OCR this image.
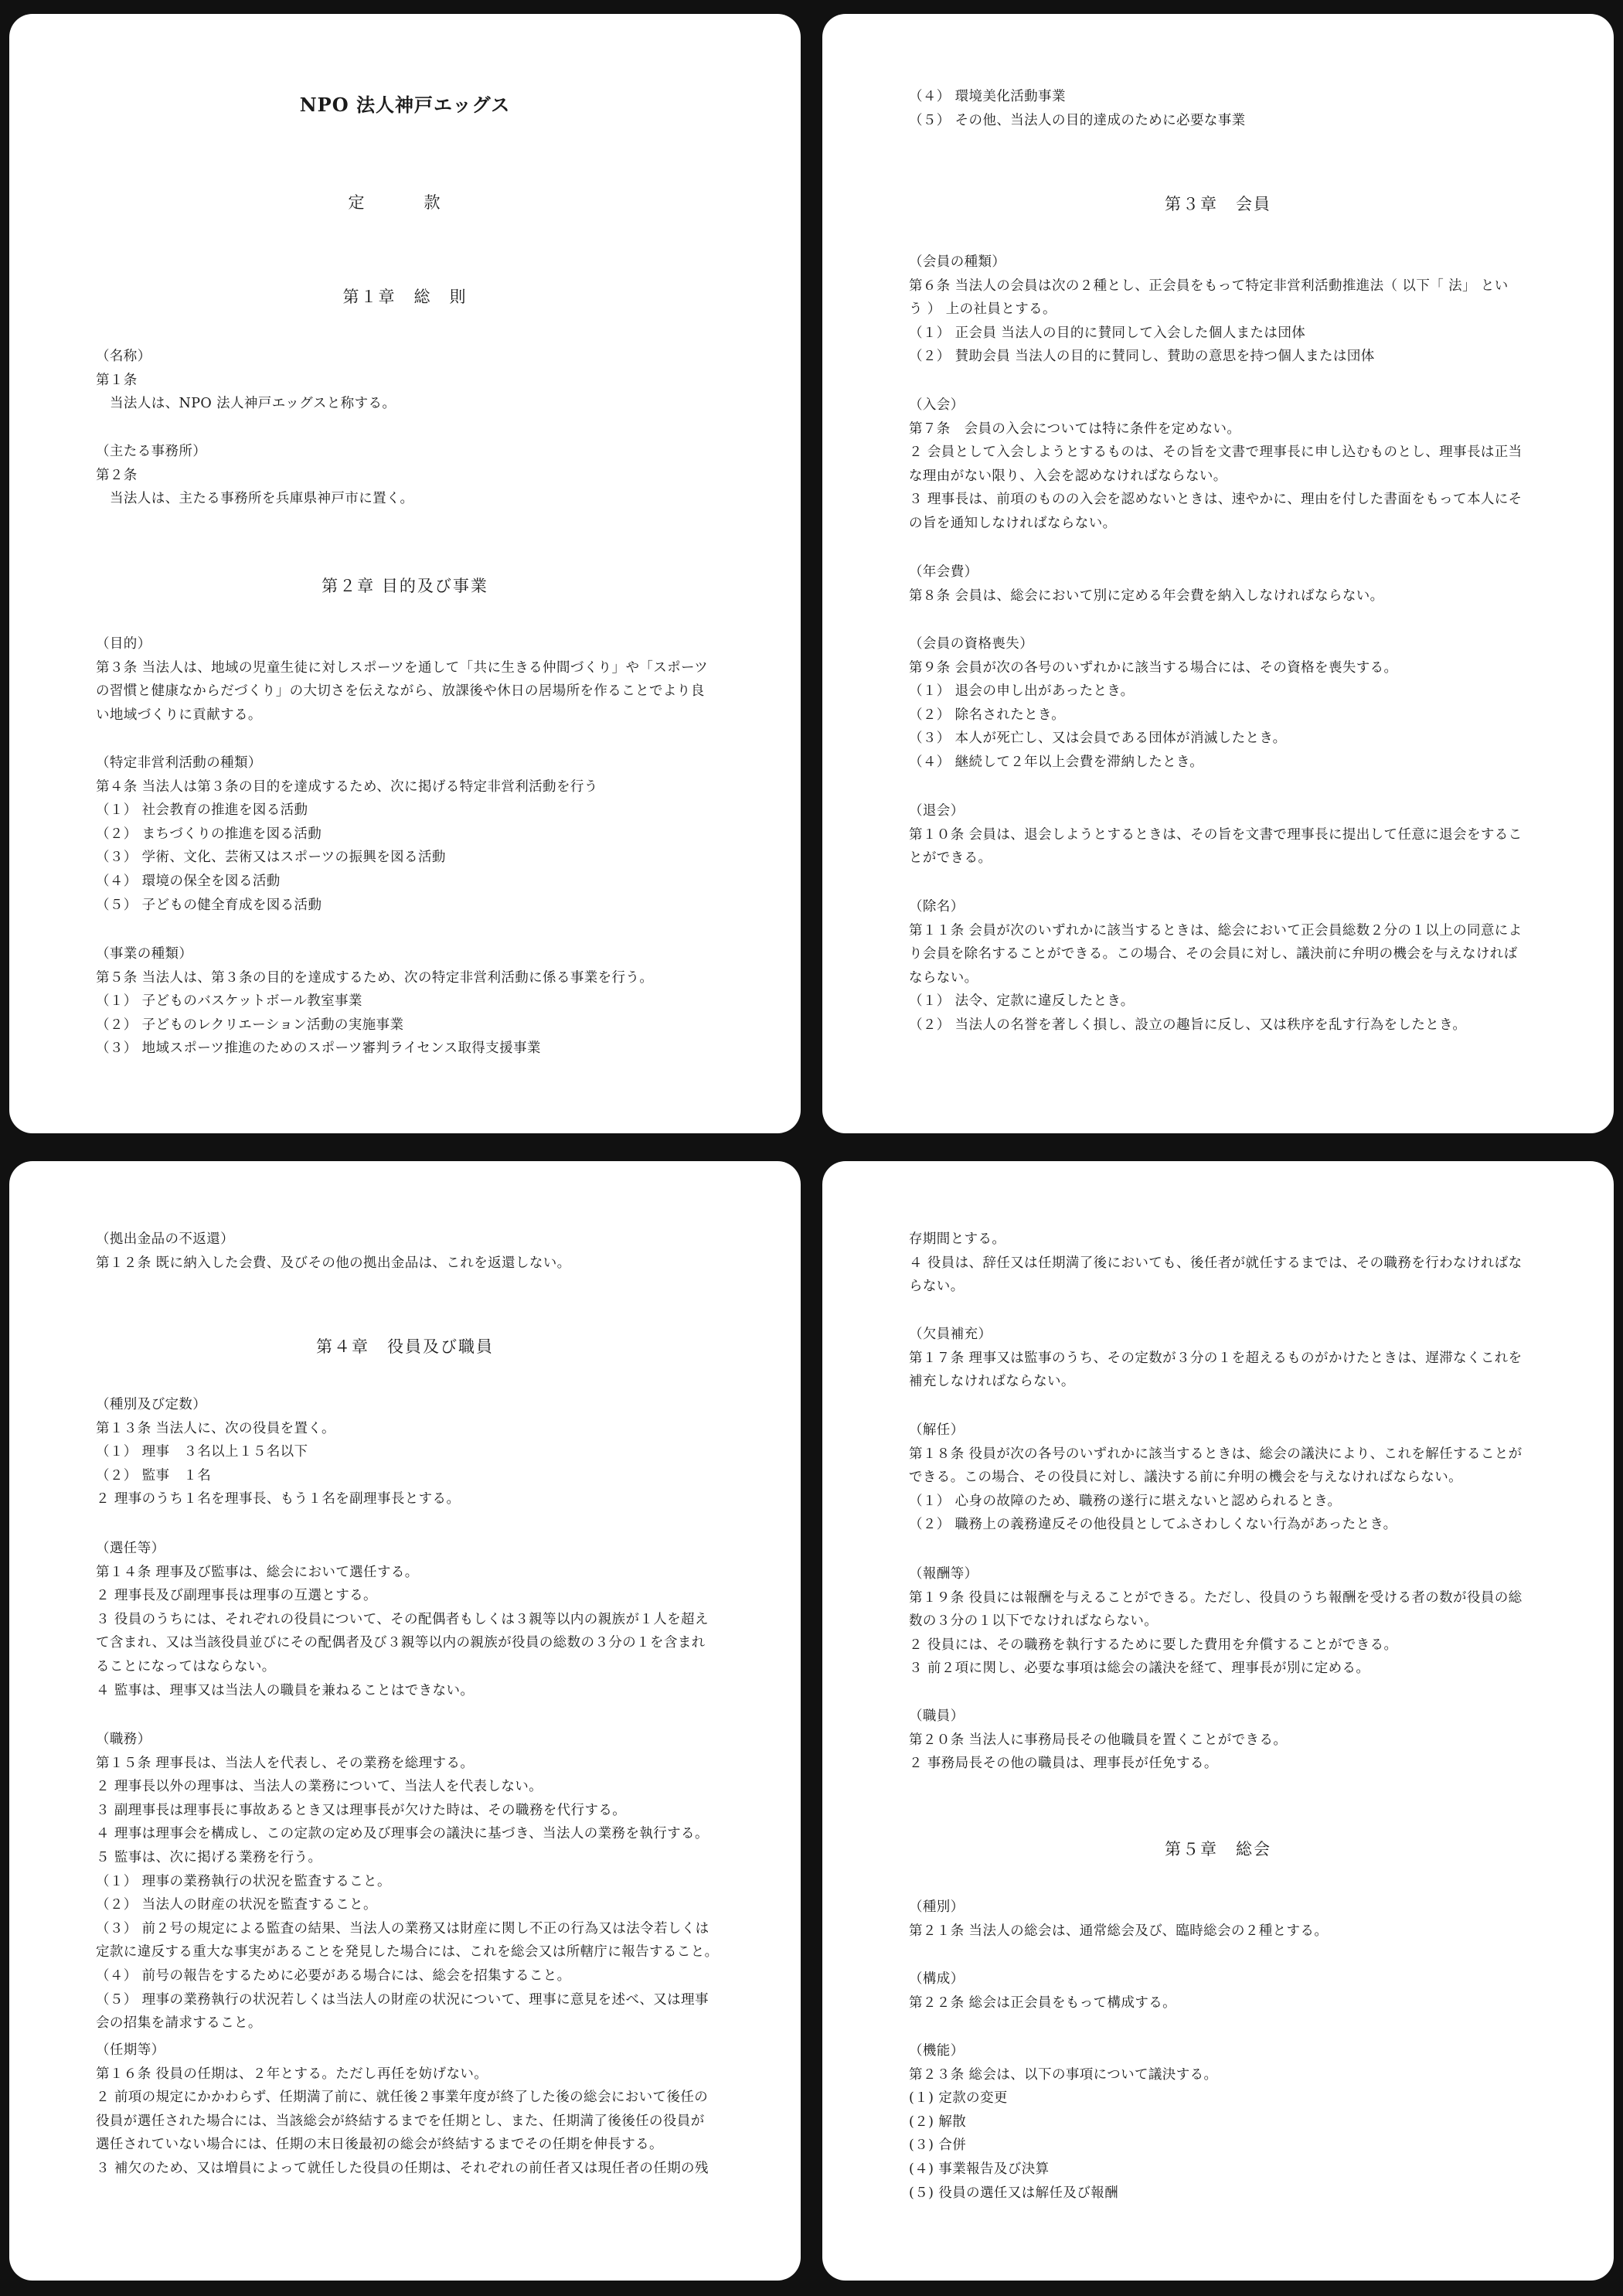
NPO 法人神戸エッグス
定　款
第１章　総　則
（名称）
第１条
当法人は、NPO 法人神戸エッグスと称する。
（主たる事務所）
第２条
当法人は、主たる事務所を兵庫県神戸市に置く。
第２章 目的及び事業
（目的）
第３条 当法人は、地域の児童生徒に対しスポーツを通して「共に生きる仲間づくり」や「スポーツ
の習慣と健康なからだづくり」の大切さを伝えながら、放課後や休日の居場所を作ることでより良
い地域づくりに貢献する。
（特定非営利活動の種類）
第４条 当法人は第３条の目的を達成するため、次に掲げる特定非営利活動を行う
（１） 社会教育の推進を図る活動
（２） まちづくりの推進を図る活動
（３） 学術、文化、芸術又はスポーツの振興を図る活動
（４） 環境の保全を図る活動
（５） 子どもの健全育成を図る活動
（事業の種類）
第５条 当法人は、第３条の目的を達成するため、次の特定非営利活動に係る事業を行う。
（１） 子どものバスケットボール教室事業
（２） 子どものレクリエーション活動の実施事業
（３） 地域スポーツ推進のためのスポーツ審判ライセンス取得支援事業
（４） 環境美化活動事業
（５） その他、当法人の目的達成のために必要な事業
第３章　会員
（会員の種類）
第６条 当法人の会員は次の２種とし、正会員をもって特定非営利活動推進法（ 以下「 法」 とい
う ） 上の社員とする。
（１） 正会員 当法人の目的に賛同して入会した個人または団体
（２） 賛助会員 当法人の目的に賛同し、賛助の意思を持つ個人または団体
（入会）
第７条　会員の入会については特に条件を定めない。
２ 会員として入会しようとするものは、その旨を文書で理事長に申し込むものとし、理事長は正当
な理由がない限り、入会を認めなければならない。
３ 理事長は、前項のものの入会を認めないときは、速やかに、理由を付した書面をもって本人にそ
の旨を通知しなければならない。
（年会費）
第８条 会員は、総会において別に定める年会費を納入しなければならない。
（会員の資格喪失）
第９条 会員が次の各号のいずれかに該当する場合には、その資格を喪失する。
（１） 退会の申し出があったとき。
（２） 除名されたとき。
（３） 本人が死亡し、又は会員である団体が消滅したとき。
（４） 継続して２年以上会費を滞納したとき。
（退会）
第１０条 会員は、退会しようとするときは、その旨を文書で理事長に提出して任意に退会をするこ
とができる。
（除名）
第１１条 会員が次のいずれかに該当するときは、総会において正会員総数２分の１以上の同意によ
り会員を除名することができる。この場合、その会員に対し、議決前に弁明の機会を与えなければ
ならない。
（１） 法令、定款に違反したとき。
（２） 当法人の名誉を著しく損し、設立の趣旨に反し、又は秩序を乱す行為をしたとき。
（拠出金品の不返還）
第１２条 既に納入した会費、及びその他の拠出金品は、これを返還しない。
第４章　役員及び職員
（種別及び定数）
第１３条 当法人に、次の役員を置く。
（１） 理事　３名以上１５名以下
（２） 監事　１名
２ 理事のうち１名を理事長、もう１名を副理事長とする。
（選任等）
第１４条 理事及び監事は、総会において選任する。
２ 理事長及び副理事長は理事の互選とする。
３ 役員のうちには、それぞれの役員について、その配偶者もしくは３親等以内の親族が１人を超え
て含まれ、又は当該役員並びにその配偶者及び３親等以内の親族が役員の総数の３分の１を含まれ
ることになってはならない。
４ 監事は、理事又は当法人の職員を兼ねることはできない。
（職務）
第１５条 理事長は、当法人を代表し、その業務を総理する。
２ 理事長以外の理事は、当法人の業務について、当法人を代表しない。
３ 副理事長は理事長に事故あるとき又は理事長が欠けた時は、その職務を代行する。
４ 理事は理事会を構成し、この定款の定め及び理事会の議決に基づき、当法人の業務を執行する。
５ 監事は、次に掲げる業務を行う。
（１） 理事の業務執行の状況を監査すること。
（２） 当法人の財産の状況を監査すること。
（３） 前２号の規定による監査の結果、当法人の業務又は財産に関し不正の行為又は法令若しくは
定款に違反する重大な事実があることを発見した場合には、これを総会又は所轄庁に報告すること。
（４） 前号の報告をするために必要がある場合には、総会を招集すること。
（５） 理事の業務執行の状況若しくは当法人の財産の状況について、理事に意見を述べ、又は理事
会の招集を請求すること。
（任期等）
第１６条 役員の任期は、２年とする。ただし再任を妨げない。
２ 前項の規定にかかわらず、任期満了前に、就任後２事業年度が終了した後の総会において後任の
役員が選任された場合には、当該総会が終結するまでを任期とし、また、任期満了後後任の役員が
選任されていない場合には、任期の末日後最初の総会が終結するまでその任期を伸長する。
３ 補欠のため、又は増員によって就任した役員の任期は、それぞれの前任者又は現任者の任期の残
存期間とする。
４ 役員は、辞任又は任期満了後においても、後任者が就任するまでは、その職務を行わなければな
らない。
（欠員補充）
第１７条 理事又は監事のうち、その定数が３分の１を超えるものがかけたときは、遅滞なくこれを
補充しなければならない。
（解任）
第１８条 役員が次の各号のいずれかに該当するときは、総会の議決により、これを解任することが
できる。この場合、その役員に対し、議決する前に弁明の機会を与えなければならない。
（１） 心身の故障のため、職務の遂行に堪えないと認められるとき。
（２） 職務上の義務違反その他役員としてふさわしくない行為があったとき。
（報酬等）
第１９条 役員には報酬を与えることができる。ただし、役員のうち報酬を受ける者の数が役員の総
数の３分の１以下でなければならない。
２ 役員には、その職務を執行するために要した費用を弁償することができる。
３ 前２項に関し、必要な事項は総会の議決を経て、理事長が別に定める。
（職員）
第２０条 当法人に事務局長その他職員を置くことができる。
２ 事務局長その他の職員は、理事長が任免する。
第５章　総会
（種別）
第２１条 当法人の総会は、通常総会及び、臨時総会の２種とする。
（構成）
第２２条 総会は正会員をもって構成する。
（機能）
第２３条 総会は、以下の事項について議決する。
(１) 定款の変更
(２) 解散
(３) 合併
(４) 事業報告及び決算
(５) 役員の選任又は解任及び報酬
